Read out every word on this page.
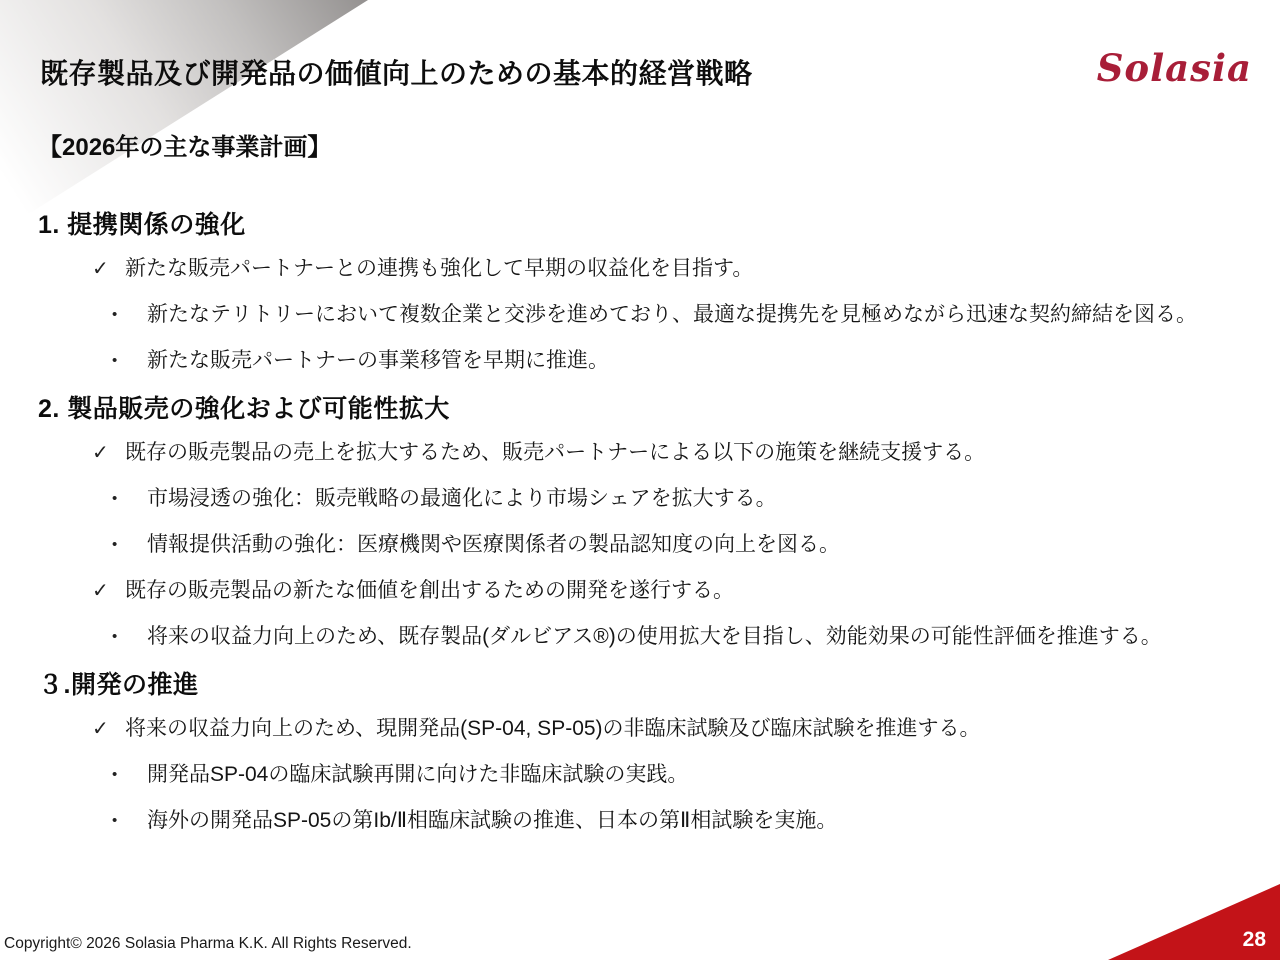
既存製品及び開発品の価値向上のための基本的経営戦略	Solasia
【2026年の主な事業計画】
1. 提携関係の強化
✓ 新たな販売パートナーとの連携も強化して早期の収益化を目指す。
•	新たなテリトリーにおいて複数企業と交渉を進めており、最適な提携先を見極めながら迅速な契約締結を図る。
•	新たな販売パートナーの事業移管を早期に推進。
2. 製品販売の強化および可能性拡大
✓ 既存の販売製品の売上を拡大するため、販売パートナーによる以下の施策を継続支援する。
•	市場浸透の強化：販売戦略の最適化により市場シェアを拡大する。
•	情報提供活動の強化：医療機関や医療関係者の製品認知度の向上を図る。
✓ 既存の販売製品の新たな価値を創出するための開発を遂行する。
•	将来の収益力向上のため、既存製品(ダルビアス®)の使用拡大を目指し、効能効果の可能性評価を推進する。
３.開発の推進
✓ 将来の収益力向上のため、現開発品(SP-04, SP-05)の非臨床試験及び臨床試験を推進する。
•	開発品SP-04の臨床試験再開に向けた非臨床試験の実践。
•	海外の開発品SP-05の第Ib/Ⅱ相臨床試験の推進、日本の第Ⅱ相試験を実施。
Copyright© 2026 Solasia Pharma K.K. All Rights Reserved.	28
